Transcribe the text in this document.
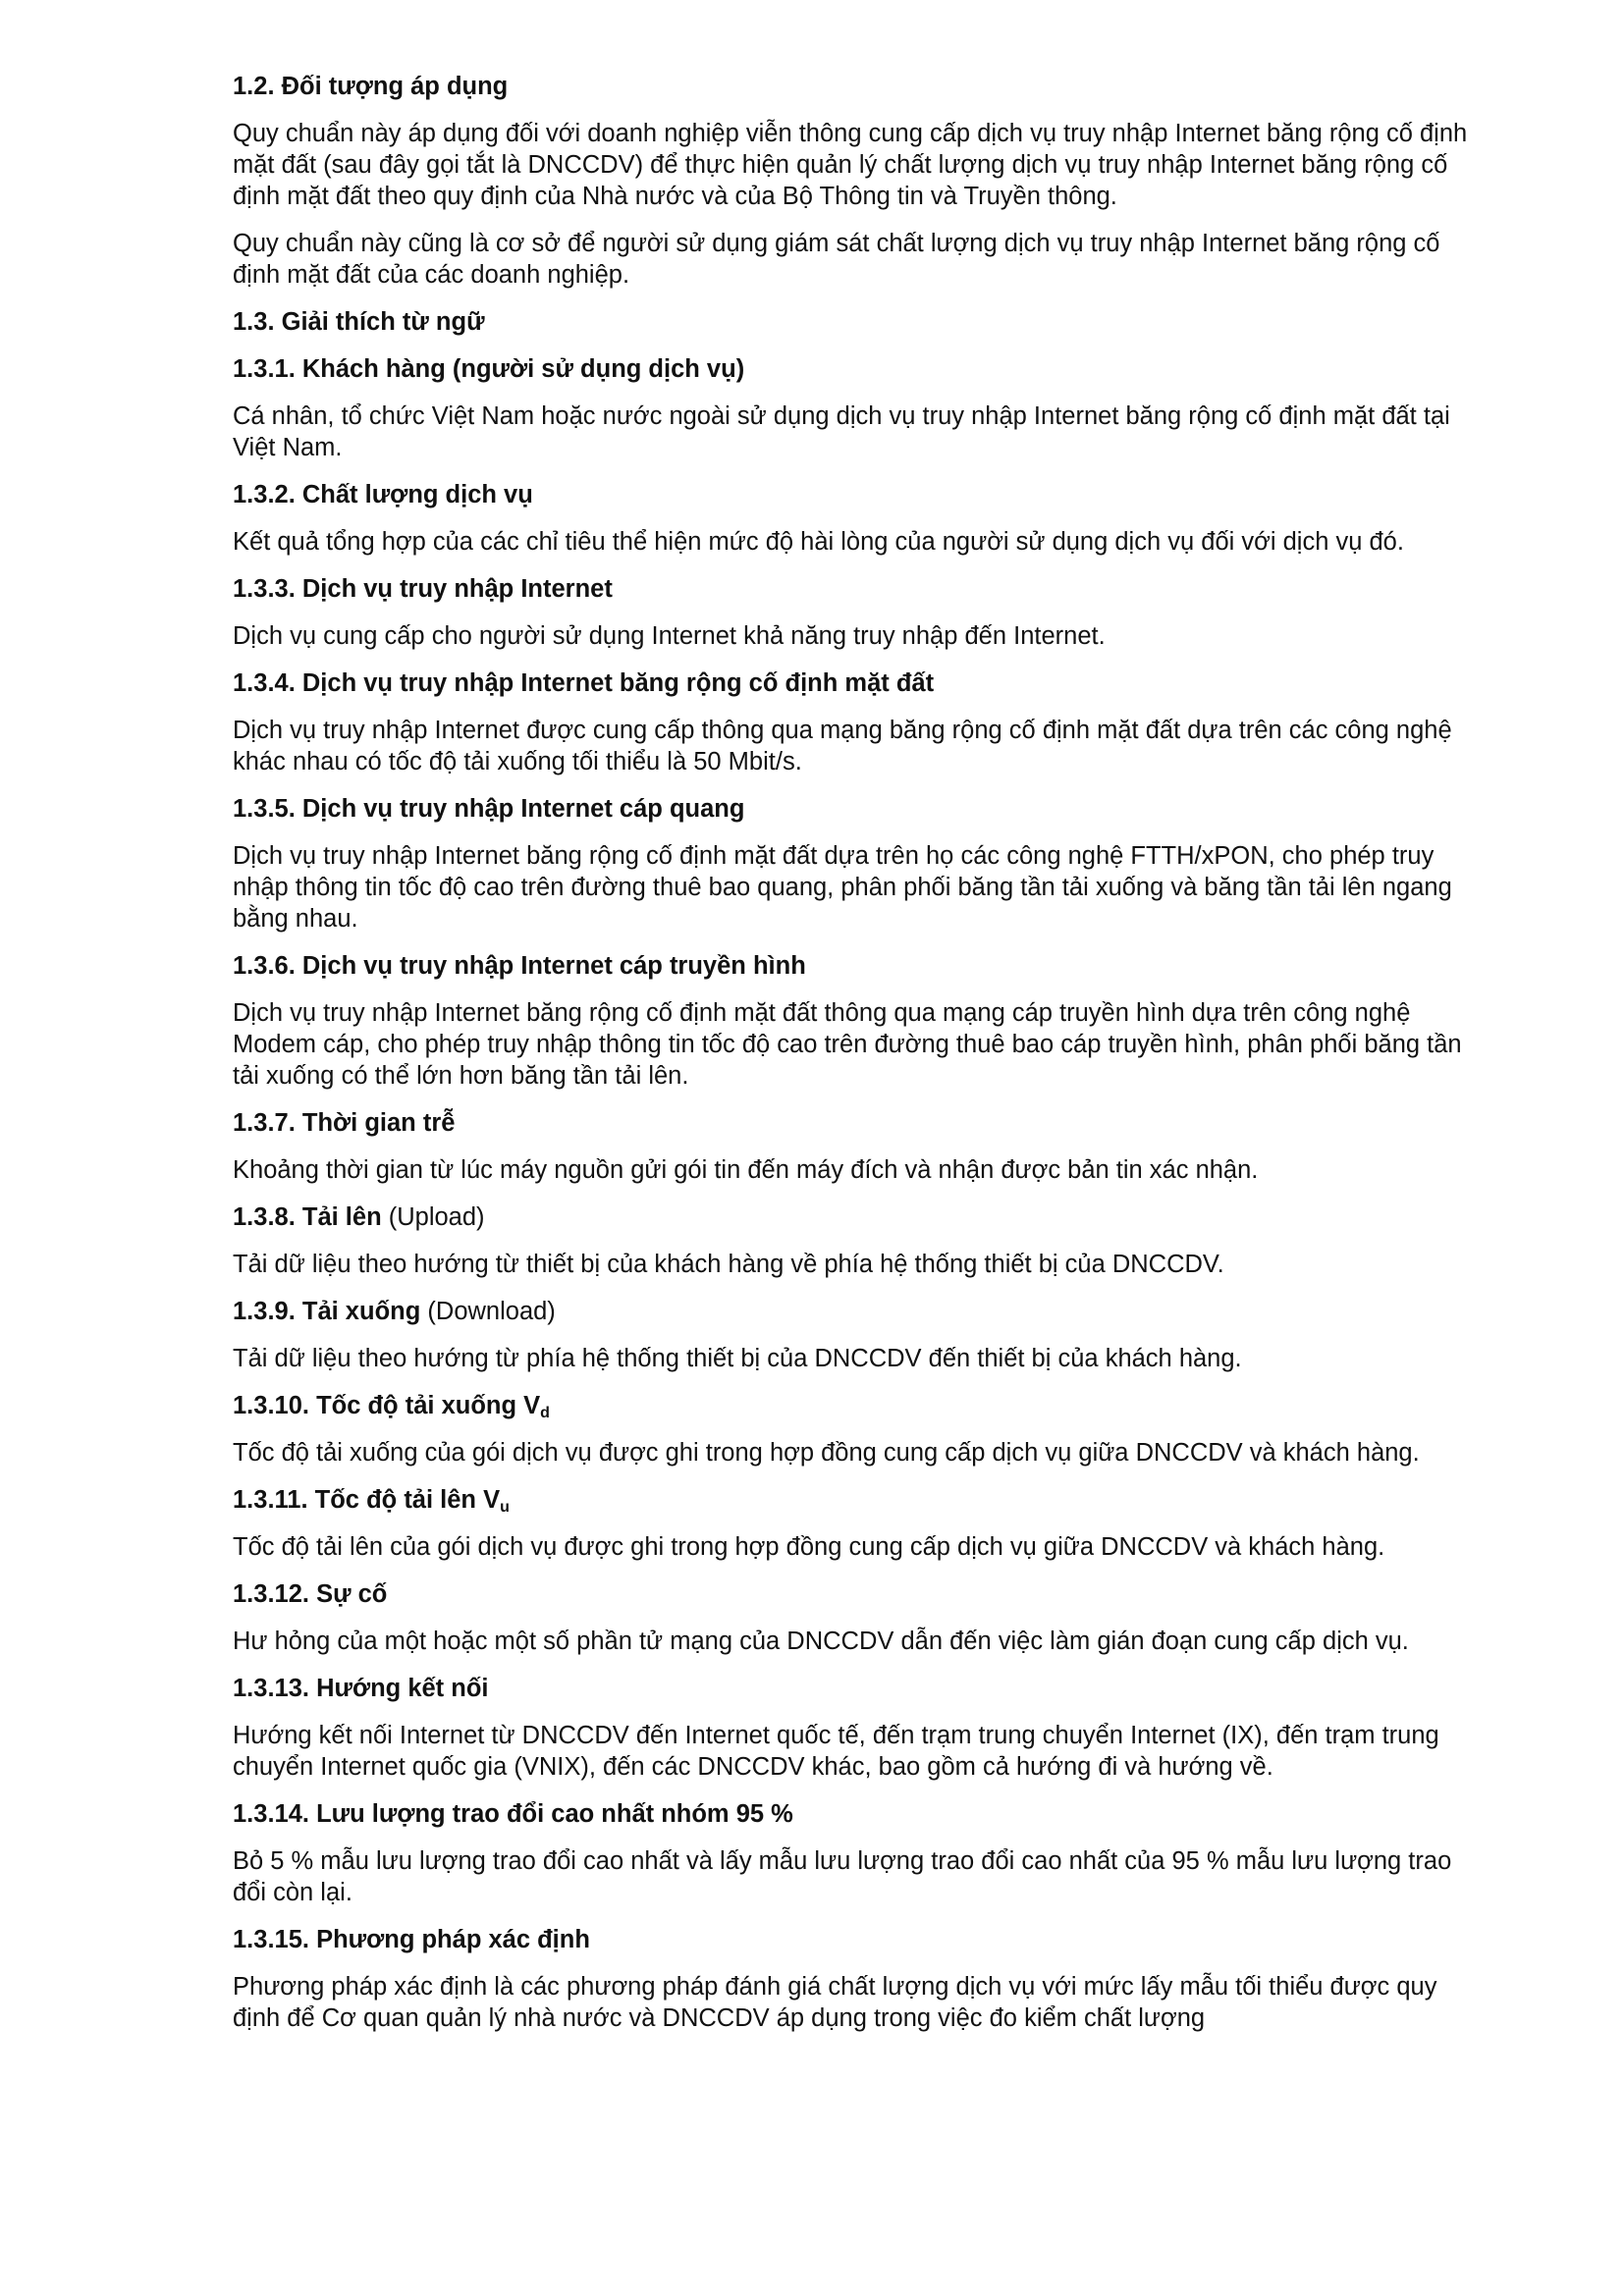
1.2. Đối tượng áp dụng
Quy chuẩn này áp dụng đối với doanh nghiệp viễn thông cung cấp dịch vụ truy nhập Internet băng rộng cố định mặt đất (sau đây gọi tắt là DNCCDV) để thực hiện quản lý chất lượng dịch vụ truy nhập Internet băng rộng cố định mặt đất theo quy định của Nhà nước và của Bộ Thông tin và Truyền thông.
Quy chuẩn này cũng là cơ sở để người sử dụng giám sát chất lượng dịch vụ truy nhập Internet băng rộng cố định mặt đất của các doanh nghiệp.
1.3. Giải thích từ ngữ
1.3.1. Khách hàng (người sử dụng dịch vụ)
Cá nhân, tổ chức Việt Nam hoặc nước ngoài sử dụng dịch vụ truy nhập Internet băng rộng cố định mặt đất tại Việt Nam.
1.3.2. Chất lượng dịch vụ
Kết quả tổng hợp của các chỉ tiêu thể hiện mức độ hài lòng của người sử dụng dịch vụ đối với dịch vụ đó.
1.3.3. Dịch vụ truy nhập Internet
Dịch vụ cung cấp cho người sử dụng Internet khả năng truy nhập đến Internet.
1.3.4. Dịch vụ truy nhập Internet băng rộng cố định mặt đất
Dịch vụ truy nhập Internet được cung cấp thông qua mạng băng rộng cố định mặt đất dựa trên các công nghệ khác nhau có tốc độ tải xuống tối thiểu là 50 Mbit/s.
1.3.5. Dịch vụ truy nhập Internet cáp quang
Dịch vụ truy nhập Internet băng rộng cố định mặt đất dựa trên họ các công nghệ FTTH/xPON, cho phép truy nhập thông tin tốc độ cao trên đường thuê bao quang, phân phối băng tần tải xuống và băng tần tải lên ngang bằng nhau.
1.3.6. Dịch vụ truy nhập Internet cáp truyền hình
Dịch vụ truy nhập Internet băng rộng cố định mặt đất thông qua mạng cáp truyền hình dựa trên công nghệ Modem cáp, cho phép truy nhập thông tin tốc độ cao trên đường thuê bao cáp truyền hình, phân phối băng tần tải xuống có thể lớn hơn băng tần tải lên.
1.3.7. Thời gian trễ
Khoảng thời gian từ lúc máy nguồn gửi gói tin đến máy đích và nhận được bản tin xác nhận.
1.3.8. Tải lên (Upload)
Tải dữ liệu theo hướng từ thiết bị của khách hàng về phía hệ thống thiết bị của DNCCDV.
1.3.9. Tải xuống (Download)
Tải dữ liệu theo hướng từ phía hệ thống thiết bị của DNCCDV đến thiết bị của khách hàng.
1.3.10. Tốc độ tải xuống $V_d$
Tốc độ tải xuống của gói dịch vụ được ghi trong hợp đồng cung cấp dịch vụ giữa DNCCDV và khách hàng.
1.3.11. Tốc độ tải lên $V_u$
Tốc độ tải lên của gói dịch vụ được ghi trong hợp đồng cung cấp dịch vụ giữa DNCCDV và khách hàng.
1.3.12. Sự cố
Hư hỏng của một hoặc một số phần tử mạng của DNCCDV dẫn đến việc làm gián đoạn cung cấp dịch vụ.
1.3.13. Hướng kết nối
Hướng kết nối Internet từ DNCCDV đến Internet quốc tế, đến trạm trung chuyển Internet (IX), đến trạm trung chuyển Internet quốc gia (VNIX), đến các DNCCDV khác, bao gồm cả hướng đi và hướng về.
1.3.14. Lưu lượng trao đổi cao nhất nhóm 95 %
Bỏ 5 % mẫu lưu lượng trao đổi cao nhất và lấy mẫu lưu lượng trao đổi cao nhất của 95 % mẫu lưu lượng trao đổi còn lại.
1.3.15. Phương pháp xác định
Phương pháp xác định là các phương pháp đánh giá chất lượng dịch vụ với mức lấy mẫu tối thiểu được quy định để Cơ quan quản lý nhà nước và DNCCDV áp dụng trong việc đo kiểm chất lượng
